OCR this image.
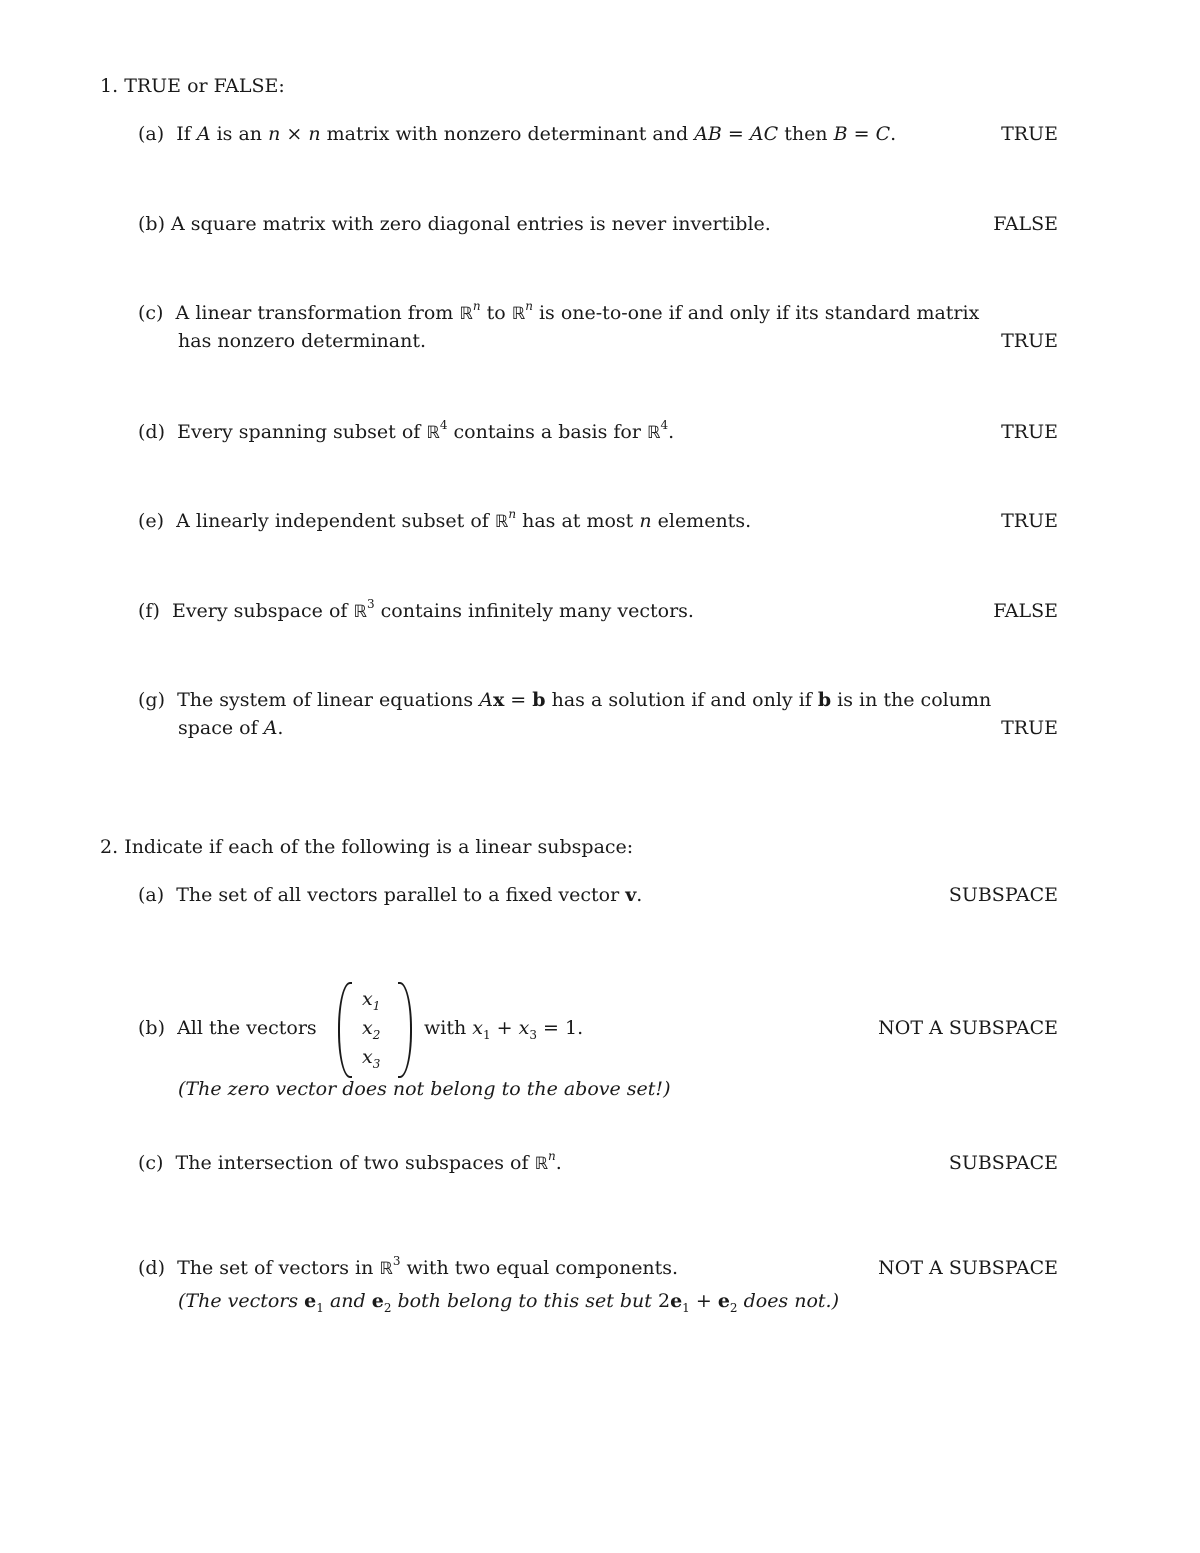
1. TRUE or FALSE:
(a)  If A is an n × n matrix with nonzero determinant and AB = AC then B = C.	TRUE
(b) A square matrix with zero diagonal entries is never invertible.	FALSE
(c)  A linear transformation from ℝ$^n$ to ℝ$^n$ is one-to-one if and only if its standard matrix
has nonzero determinant.	TRUE
(d)  Every spanning subset of ℝ$^4$ contains a basis for ℝ$^4$.	TRUE
(e)  A linearly independent subset of ℝ$^n$ has at most n elements.	TRUE
(f)  Every subspace of ℝ$^3$ contains infinitely many vectors.	FALSE
(g)  The system of linear equations Ax = b has a solution if and only if b is in the column
space of A.	TRUE
2. Indicate if each of the following is a linear subspace:
(a)  The set of all vectors parallel to a fixed vector v.	SUBSPACE
(b)  All the vectors
$x_1$
$x_2$
$x_3$
with $x_1 + x_3 = 1$.	NOT A SUBSPACE
(The zero vector does not belong to the above set!)
(c)  The intersection of two subspaces of ℝ$^n$.	SUBSPACE
(d)  The set of vectors in ℝ$^3$ with two equal components.	NOT A SUBSPACE
(The vectors $e_1$ and $e_2$ both belong to this set but $2e_1 + e_2$ does not.)
